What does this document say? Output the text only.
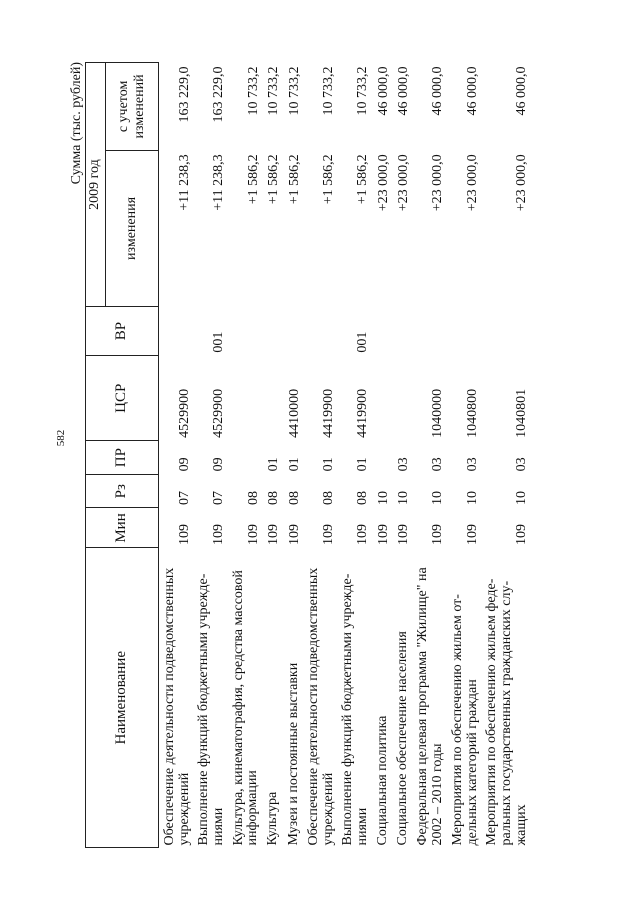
582
Сумма (тыс. рублей)
Наименование	Мин	Рз	ПР	ЦСР	ВР	2009 год	
						изменения	с учетом изменений
Обеспечение деятельности подведомственных учреждений	109	07	09	4529900		+11 238,3	163 229,0
Выполнение функций бюджетными учрежде-ниями	109	07	09	4529900	001	+11 238,3	163 229,0
Культура, кинематография, средства массовой информации	109	08				+1 586,2	10 733,2
Культура	109	08	01			+1 586,2	10 733,2
Музеи и постоянные выставки	109	08	01	4410000		+1 586,2	10 733,2
Обеспечение деятельности подведомственных учреждений	109	08	01	4419900		+1 586,2	10 733,2
Выполнение функций бюджетными учрежде-ниями	109	08	01	4419900	001	+1 586,2	10 733,2
Социальная политика	109	10				+23 000,0	46 000,0
Социальное обеспечение населения	109	10	03			+23 000,0	46 000,0
Федеральная целевая программа "Жилище" на 2002 – 2010 годы	109	10	03	1040000		+23 000,0	46 000,0
Мероприятия по обеспечению жильем от-дельных категорий граждан	109	10	03	1040800		+23 000,0	46 000,0
Мероприятия по обеспечению жильем феде-ральных государственных гражданских слу-жащих	109	10	03	1040801		+23 000,0	46 000,0
